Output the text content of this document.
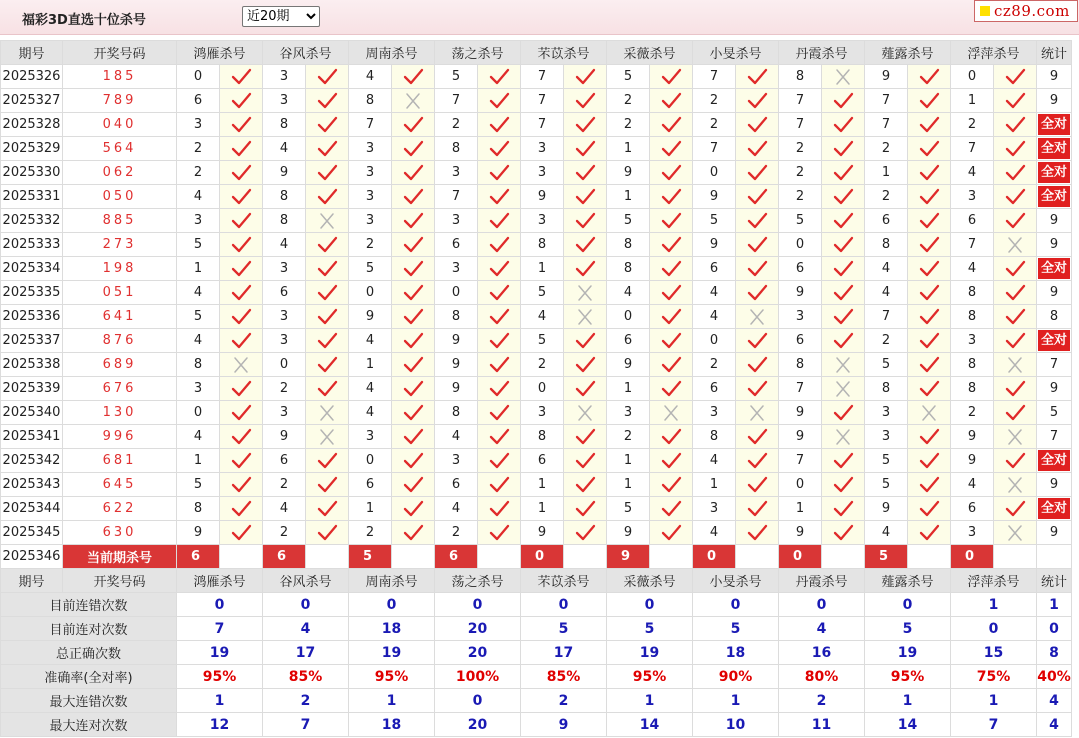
福彩3D直选十位杀号
近20期
cz89.com
期号	开奖号码	鸿雁杀号		谷风杀号		周南杀号		荡之杀号		芣苡杀号		采薇杀号		小旻杀号		丹霞杀号		薤露杀号		浮萍杀号		统计
2025326	185	0		3		4		5		7		5		7		8		9		0		9
2025327	789	6		3		8		7		7		2		2		7		7		1		9
2025328	040	3		8		7		2		7		2		2		7		7		2		全对
2025329	564	2		4		3		8		3		1		7		2		2		7		全对
2025330	062	2		9		3		3		3		9		0		2		1		4		全对
2025331	050	4		8		3		7		9		1		9		2		2		3		全对
2025332	885	3		8		3		3		3		5		5		5		6		6		9
2025333	273	5		4		2		6		8		8		9		0		8		7		9
2025334	198	1		3		5		3		1		8		6		6		4		4		全对
2025335	051	4		6		0		0		5		4		4		9		4		8		9
2025336	641	5		3		9		8		4		0		4		3		7		8		8
2025337	876	4		3		4		9		5		6		0		6		2		3		全对
2025338	689	8		0		1		9		2		9		2		8		5		8		7
2025339	676	3		2		4		9		0		1		6		7		8		8		9
2025340	130	0		3		4		8		3		3		3		9		3		2		5
2025341	996	4		9		3		4		8		2		8		9		3		9		7
2025342	681	1		6		0		3		6		1		4		7		5		9		全对
2025343	645	5		2		6		6		1		1		1		0		5		4		9
2025344	622	8		4		1		4		1		5		3		1		9		6		全对
2025345	630	9		2		2		2		9		9		4		9		4		3		9
2025346	当前期杀号	6		6		5		6		0		9		0		0		5		0		
期号	开奖号码	鸿雁杀号		谷风杀号		周南杀号		荡之杀号		芣苡杀号		采薇杀号		小旻杀号		丹霞杀号		薤露杀号		浮萍杀号		统计
目前连错次数		0		0		0		0		0		0		0		0		0		1		1
目前连对次数		7		4		18		20		5		5		5		4		5		0		0
总正确次数		19		17		19		20		17		19		18		16		19		15		8
准确率(全对率)		95%		85%		95%		100%		85%		95%		90%		80%		95%		75%		40%
最大连错次数		1		2		1		0		2		1		1		2		1		1		4
最大连对次数		12		7		18		20		9		14		10		11		14		7		4
